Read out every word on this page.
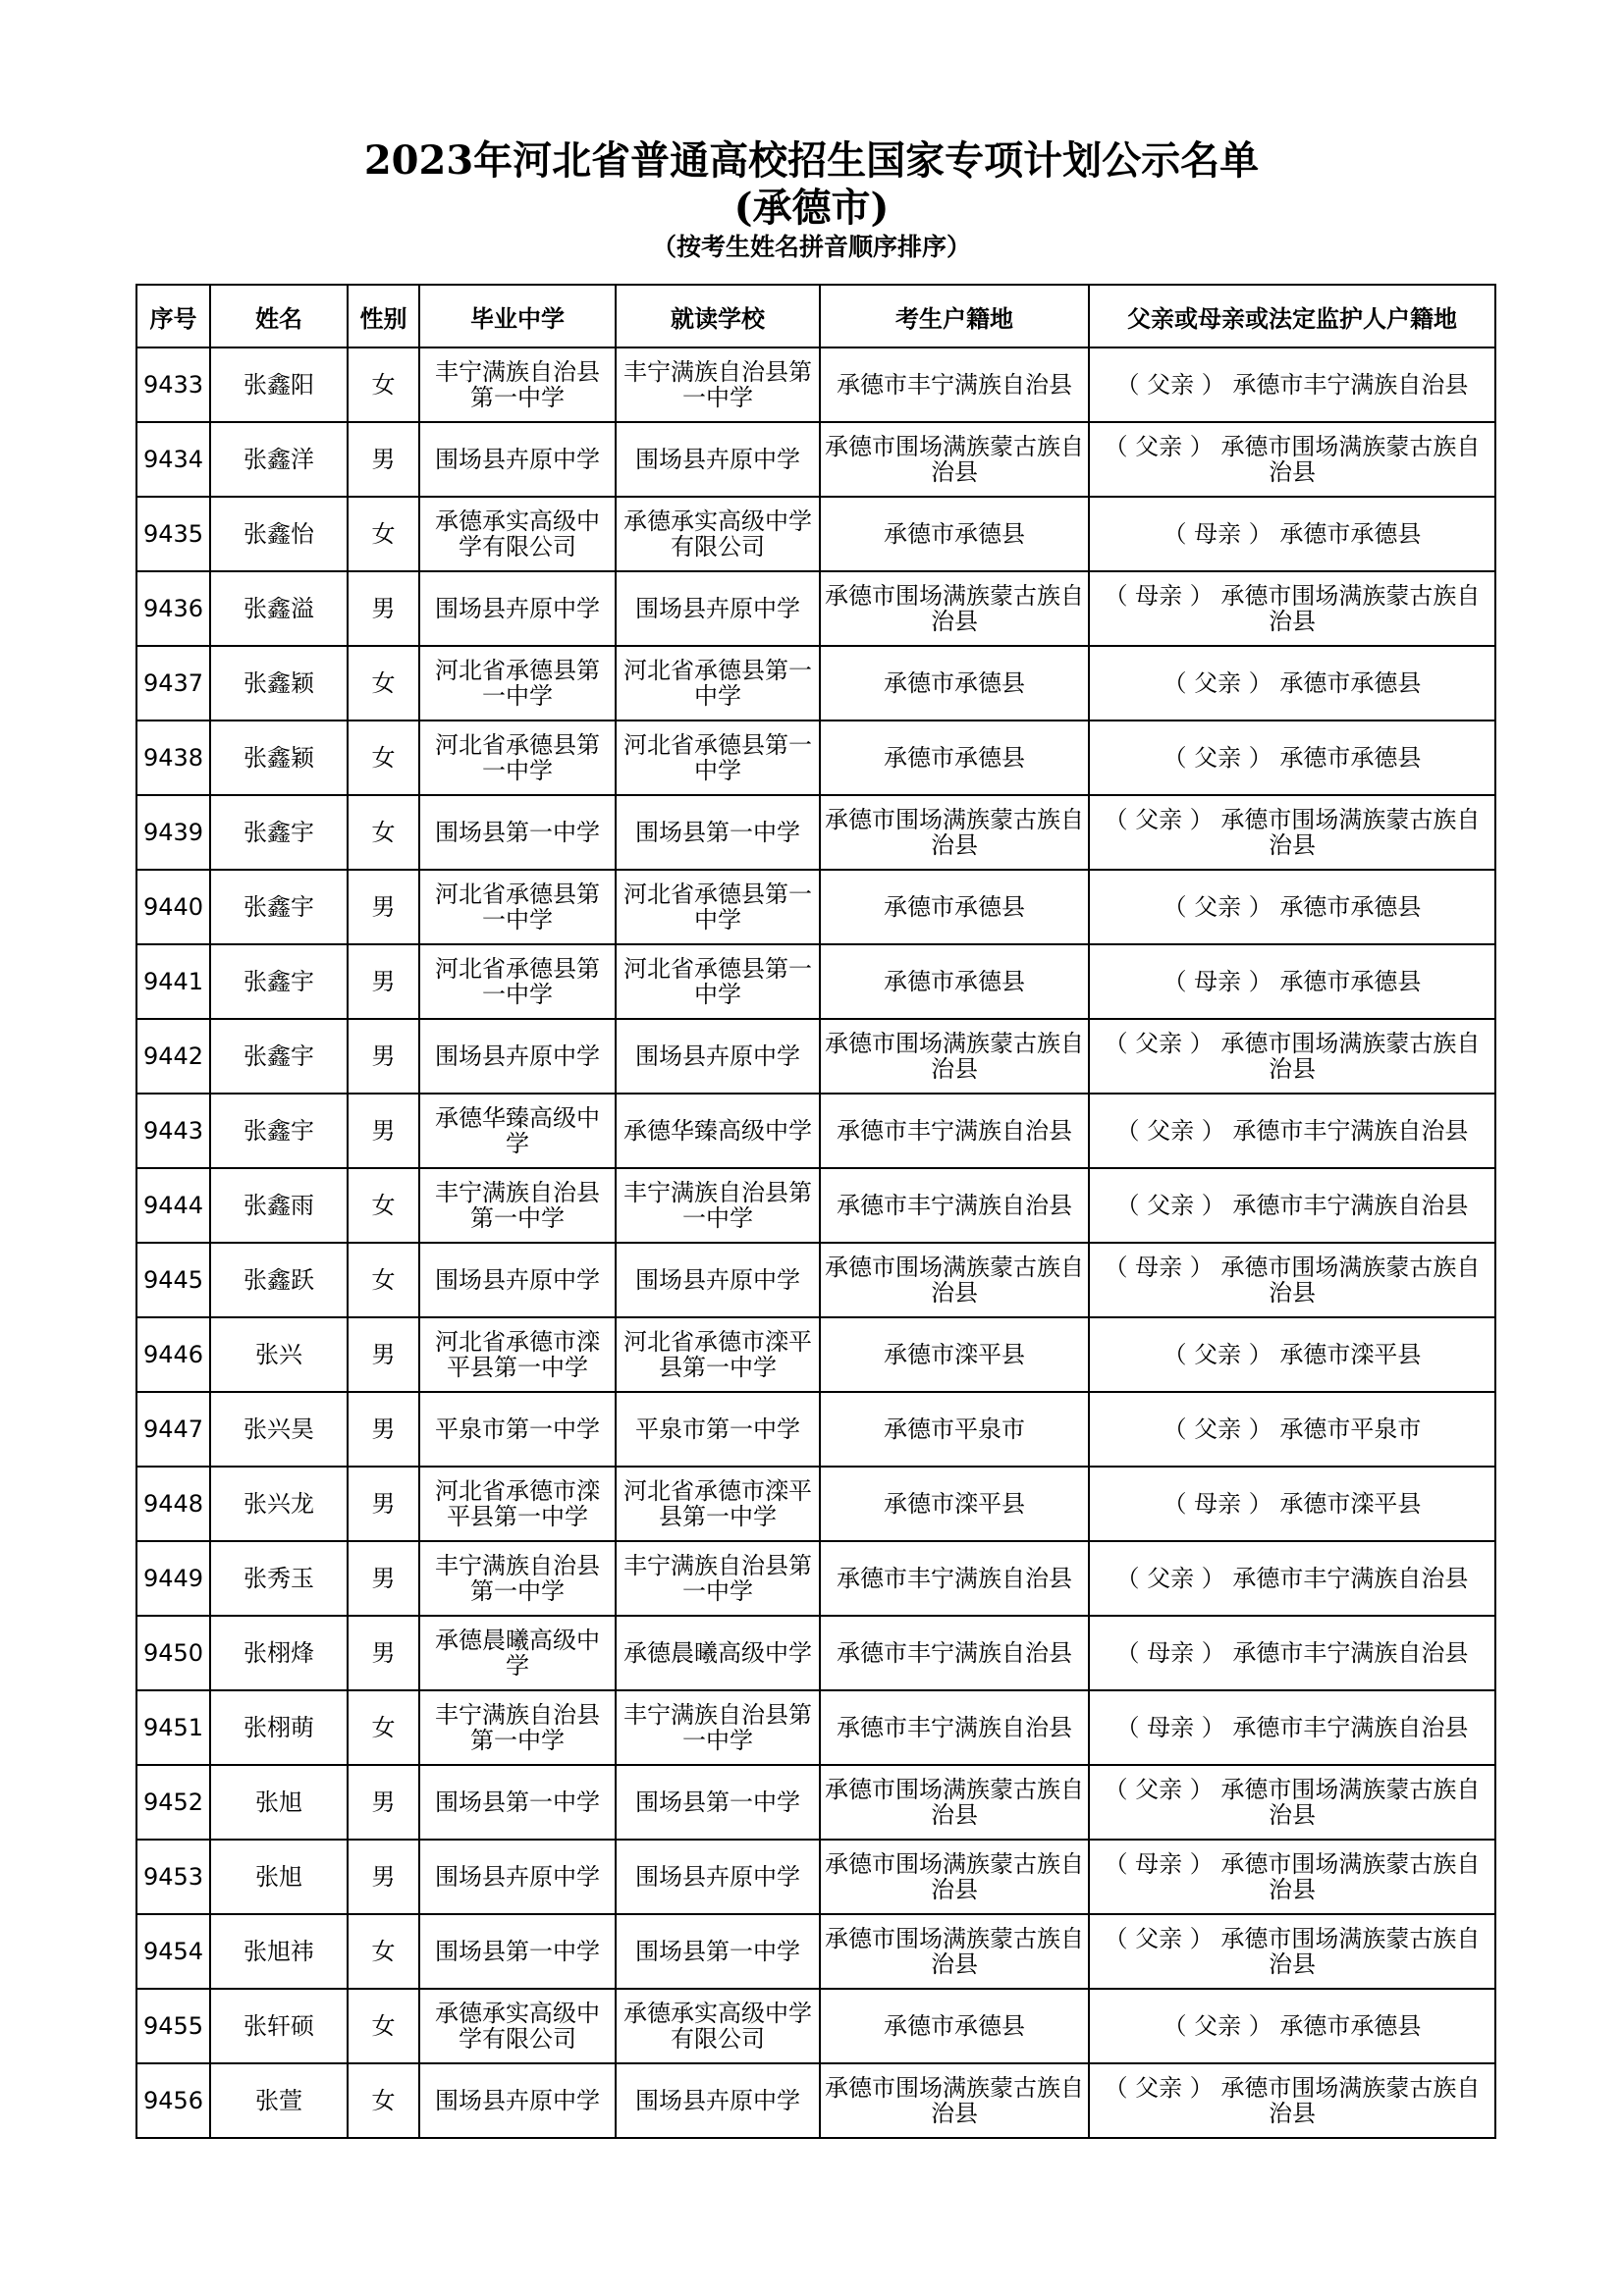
2023年河北省普通高校招生国家专项计划公示名单
(承德市)
（按考生姓名拼音顺序排序）
序号	姓名	性别	毕业中学	就读学校	考生户籍地	父亲或母亲或法定监护人户籍地
9433	张鑫阳	女	丰宁满族自治县第一中学	丰宁满族自治县第一中学	承德市丰宁满族自治县	（ 父亲 ） 承德市丰宁满族自治县
9434	张鑫洋	男	围场县卉原中学	围场县卉原中学	承德市围场满族蒙古族自治县	（ 父亲 ） 承德市围场满族蒙古族自治县
9435	张鑫怡	女	承德承实高级中学有限公司	承德承实高级中学有限公司	承德市承德县	（ 母亲 ） 承德市承德县
9436	张鑫溢	男	围场县卉原中学	围场县卉原中学	承德市围场满族蒙古族自治县	（ 母亲 ） 承德市围场满族蒙古族自治县
9437	张鑫颖	女	河北省承德县第一中学	河北省承德县第一中学	承德市承德县	（ 父亲 ） 承德市承德县
9438	张鑫颖	女	河北省承德县第一中学	河北省承德县第一中学	承德市承德县	（ 父亲 ） 承德市承德县
9439	张鑫宇	女	围场县第一中学	围场县第一中学	承德市围场满族蒙古族自治县	（ 父亲 ） 承德市围场满族蒙古族自治县
9440	张鑫宇	男	河北省承德县第一中学	河北省承德县第一中学	承德市承德县	（ 父亲 ） 承德市承德县
9441	张鑫宇	男	河北省承德县第一中学	河北省承德县第一中学	承德市承德县	（ 母亲 ） 承德市承德县
9442	张鑫宇	男	围场县卉原中学	围场县卉原中学	承德市围场满族蒙古族自治县	（ 父亲 ） 承德市围场满族蒙古族自治县
9443	张鑫宇	男	承德华臻高级中学	承德华臻高级中学	承德市丰宁满族自治县	（ 父亲 ） 承德市丰宁满族自治县
9444	张鑫雨	女	丰宁满族自治县第一中学	丰宁满族自治县第一中学	承德市丰宁满族自治县	（ 父亲 ） 承德市丰宁满族自治县
9445	张鑫跃	女	围场县卉原中学	围场县卉原中学	承德市围场满族蒙古族自治县	（ 母亲 ） 承德市围场满族蒙古族自治县
9446	张兴	男	河北省承德市滦平县第一中学	河北省承德市滦平县第一中学	承德市滦平县	（ 父亲 ） 承德市滦平县
9447	张兴昊	男	平泉市第一中学	平泉市第一中学	承德市平泉市	（ 父亲 ） 承德市平泉市
9448	张兴龙	男	河北省承德市滦平县第一中学	河北省承德市滦平县第一中学	承德市滦平县	（ 母亲 ） 承德市滦平县
9449	张秀玉	男	丰宁满族自治县第一中学	丰宁满族自治县第一中学	承德市丰宁满族自治县	（ 父亲 ） 承德市丰宁满族自治县
9450	张栩烽	男	承德晨曦高级中学	承德晨曦高级中学	承德市丰宁满族自治县	（ 母亲 ） 承德市丰宁满族自治县
9451	张栩萌	女	丰宁满族自治县第一中学	丰宁满族自治县第一中学	承德市丰宁满族自治县	（ 母亲 ） 承德市丰宁满族自治县
9452	张旭	男	围场县第一中学	围场县第一中学	承德市围场满族蒙古族自治县	（ 父亲 ） 承德市围场满族蒙古族自治县
9453	张旭	男	围场县卉原中学	围场县卉原中学	承德市围场满族蒙古族自治县	（ 母亲 ） 承德市围场满族蒙古族自治县
9454	张旭祎	女	围场县第一中学	围场县第一中学	承德市围场满族蒙古族自治县	（ 父亲 ） 承德市围场满族蒙古族自治县
9455	张轩硕	女	承德承实高级中学有限公司	承德承实高级中学有限公司	承德市承德县	（ 父亲 ） 承德市承德县
9456	张萱	女	围场县卉原中学	围场县卉原中学	承德市围场满族蒙古族自治县	（ 父亲 ） 承德市围场满族蒙古族自治县
